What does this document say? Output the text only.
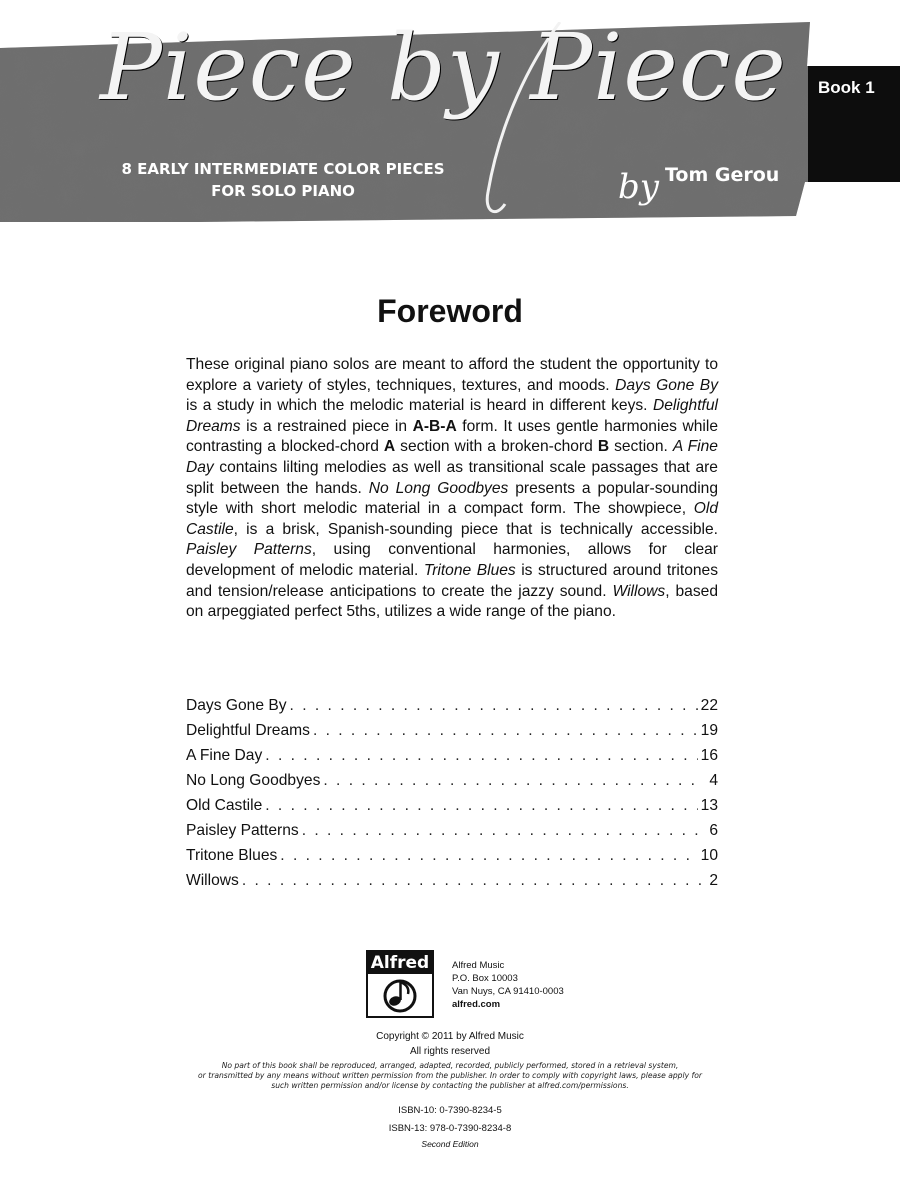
Piece by Piece	Book 1
8 EARLY INTERMEDIATE COLOR PIECES
FOR SOLO PIANO	by Tom Gerou
Foreword

These original piano solos are meant to afford the student the opportunity to explore a variety of styles, techniques, textures, and moods. Days Gone By is a study in which the melodic material is heard in different keys. Delightful Dreams is a restrained piece in A-B-A form. It uses gentle harmonies while contrasting a blocked-chord A section with a broken-chord B section. A Fine Day contains lilting melodies as well as transitional scale passages that are split between the hands. No Long Goodbyes presents a popular-sounding style with short melodic material in a compact form. The showpiece, Old Castile, is a brisk, Spanish-sounding piece that is technically accessible. Paisley Patterns, using conventional harmonies, allows for clear development of melodic material. Tritone Blues is structured around tritones and tension/release anticipations to create the jazzy sound. Willows, based on arpeggiated perfect 5ths, utilizes a wide range of the piano.

Days Gone By . . .	22
Delightful Dreams . . .	19
A Fine Day . . .	16
No Long Goodbyes . . .	4
Old Castile . . .	13
Paisley Patterns . . .	6
Tritone Blues . . .	10
Willows . . .	2
Alfred Alfred Music
P.O. Box 10003
Van Nuys, CA 91410-0003
alfred.com
Copyright © 2011 by Alfred Music
All rights reserved
No part of this book shall be reproduced, arranged, adapted, recorded, publicly performed, stored in a retrieval system,
or transmitted by any means without written permission from the publisher. In order to comply with copyright laws, please apply for
such written permission and/or license by contacting the publisher at alfred.com/permissions.
ISBN-10: 0-7390-8234-5
ISBN-13: 978-0-7390-8234-8
Second Edition
